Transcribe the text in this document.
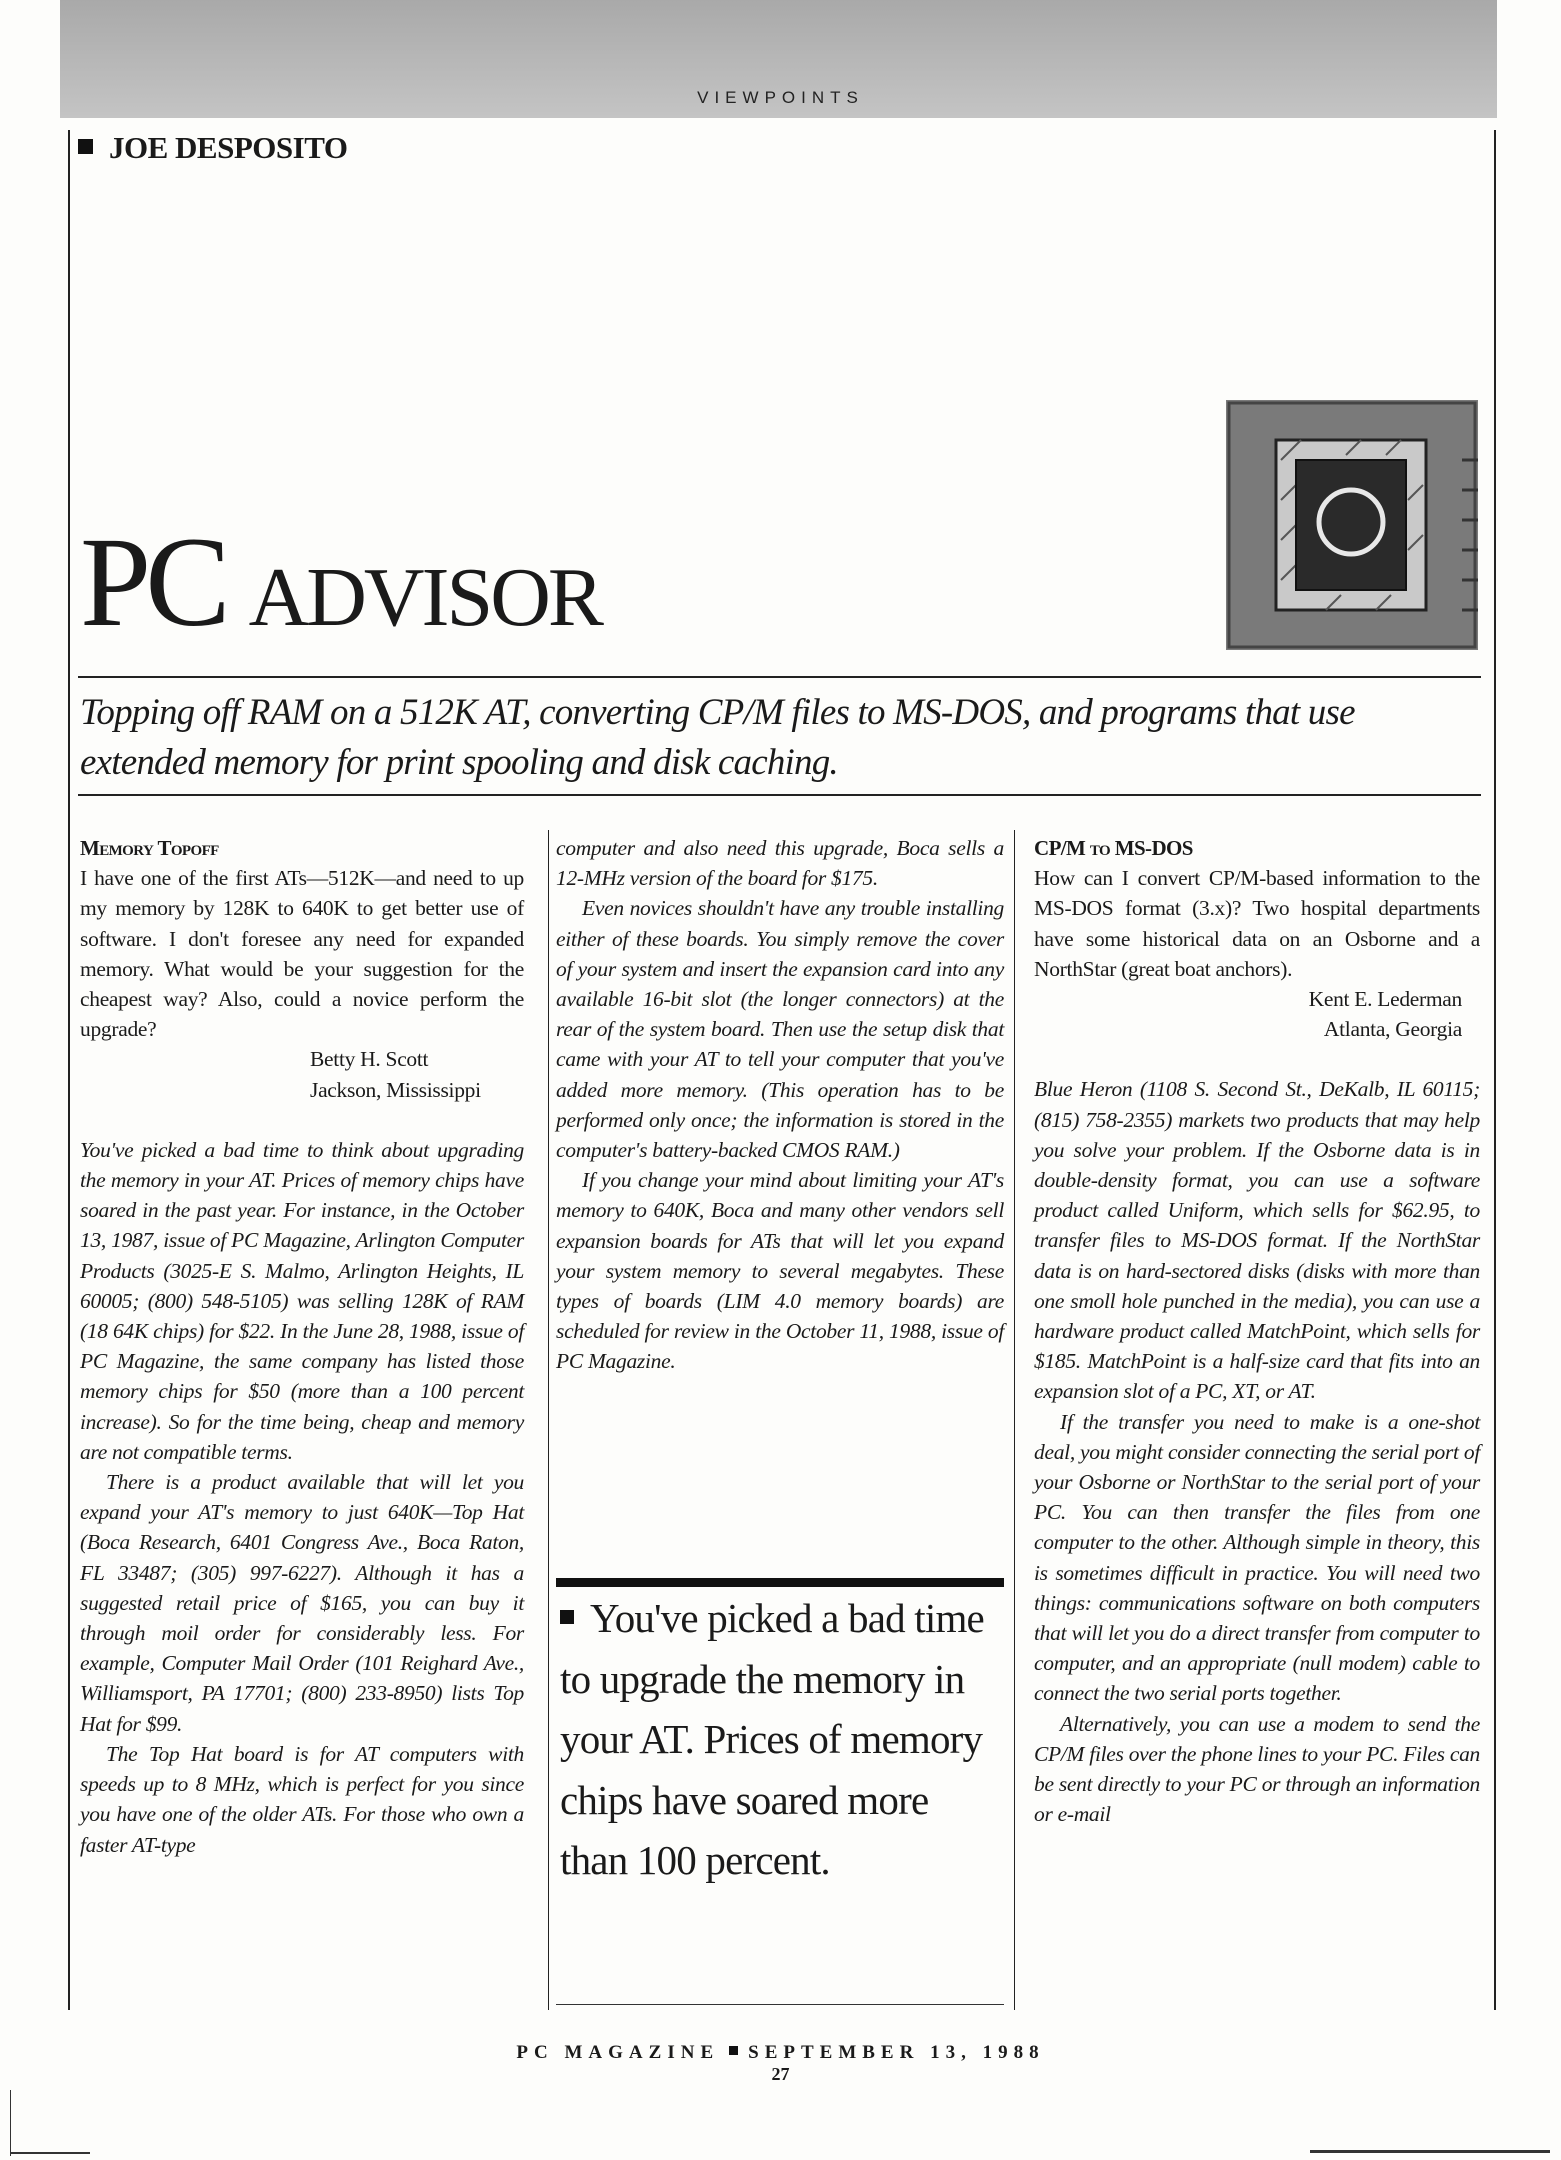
VIEWPOINTS
JOE DESPOSITO
PC ADVISOR
Topping off RAM on a 512K AT, converting CP/M files to MS-DOS, and programs that use extended memory for print spooling and disk caching.

Memory Topoff

I have one of the first ATs—512K—and need to up my memory by 128K to 640K to get better use of software. I don't foresee any need for expanded memory. What would be your suggestion for the cheapest way? Also, could a novice perform the upgrade?

Betty H. Scott

Jackson, Mississippi

You've picked a bad time to think about upgrading the memory in your AT. Prices of memory chips have soared in the past year. For instance, in the October 13, 1987, issue of PC Magazine, Arlington Computer Products (3025-E S. Malmo, Arlington Heights, IL 60005; (800) 548-5105) was selling 128K of RAM (18 64K chips) for $22. In the June 28, 1988, issue of PC Magazine, the same company has listed those memory chips for $50 (more than a 100 percent increase). So for the time being, cheap and memory are not compatible terms.

There is a product available that will let you expand your AT's memory to just 640K—Top Hat (Boca Research, 6401 Congress Ave., Boca Raton, FL 33487; (305) 997-6227). Although it has a suggested retail price of $165, you can buy it through moil order for considerably less. For example, Computer Mail Order (101 Reighard Ave., Williamsport, PA 17701; (800) 233-8950) lists Top Hat for $99.

The Top Hat board is for AT computers with speeds up to 8 MHz, which is perfect for you since you have one of the older ATs. For those who own a faster AT-type

computer and also need this upgrade, Boca sells a 12-MHz version of the board for $175.

Even novices shouldn't have any trouble installing either of these boards. You simply remove the cover of your system and insert the expansion card into any available 16-bit slot (the longer connectors) at the rear of the system board. Then use the setup disk that came with your AT to tell your computer that you've added more memory. (This operation has to be performed only once; the information is stored in the computer's battery-backed CMOS RAM.)

If you change your mind about limiting your AT's memory to 640K, Boca and many other vendors sell expansion boards for ATs that will let you expand your system memory to several megabytes. These types of boards (LIM 4.0 memory boards) are scheduled for review in the October 11, 1988, issue of PC Magazine.

You've picked a bad time to upgrade the memory in your AT. Prices of memory chips have soared more than 100 percent.

CP/M to MS-DOS

How can I convert CP/M-based information to the MS-DOS format (3.x)? Two hospital departments have some historical data on an Osborne and a NorthStar (great boat anchors).

Kent E. Lederman

Atlanta, Georgia

Blue Heron (1108 S. Second St., DeKalb, IL 60115; (815) 758-2355) markets two products that may help you solve your problem. If the Osborne data is in double-density format, you can use a software product called Uniform, which sells for $62.95, to transfer files to MS-DOS format. If the NorthStar data is on hard-sectored disks (disks with more than one smoll hole punched in the media), you can use a hardware product called MatchPoint, which sells for $185. MatchPoint is a half-size card that fits into an expansion slot of a PC, XT, or AT.

If the transfer you need to make is a one-shot deal, you might consider connecting the serial port of your Osborne or NorthStar to the serial port of your PC. You can then transfer the files from one computer to the other. Although simple in theory, this is sometimes difficult in practice. You will need two things: communications software on both computers that will let you do a direct transfer from computer to computer, and an appropriate (null modem) cable to connect the two serial ports together.

Alternatively, you can use a modem to send the CP/M files over the phone lines to your PC. Files can be sent directly to your PC or through an information or e-mail

PC MAGAZINE SEPTEMBER 13, 1988
27
